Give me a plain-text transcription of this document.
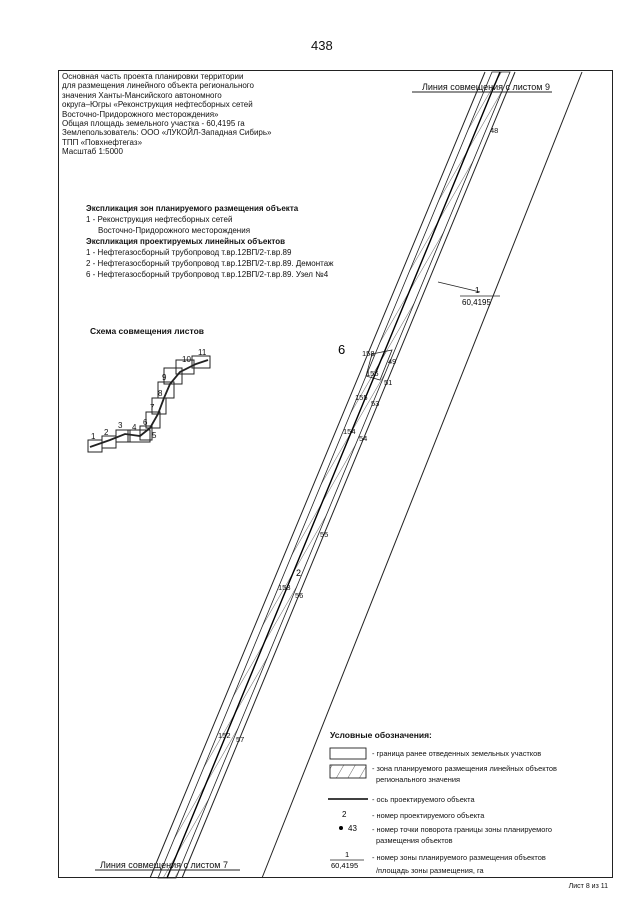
438
Основная часть проекта планировки территории
для размещения линейного объекта регионального
значения Ханты-Мансийского автономного
округа–Югры «Реконструкция нефтесборных сетей
Восточно-Придорожного месторождения»
Общая площадь земельного участка - 60,4195 га
Землепользователь: ООО «ЛУКОЙЛ-Западная Сибирь»
ТПП «Повхнефтегаз»
Масштаб 1:5000
Экспликация зон планируемого размещения объекта
1 - Реконструкция нефтесборных сетей
Восточно-Придорожного месторождения
Экспликация проектируемых линейных объектов
1 - Нефтегазосборный трубопровод т.вр.12ВП/2-т.вр.89
2 - Нефтегазосборный трубопровод т.вр.12ВП/2-т.вр.89. Демонтаж
6 - Нефтегазосборный трубопровод т.вр.12ВП/2-т.вр.89. Узел №4
Схема совмещения листов
1 2
3 4
5
6
7
8
9
10
11
48
158
49
156
51
155
53
154
54
55
153
56
152 57
6
2
1
60,4195
2
43
1
60,4195
Линия совмещения с листом 9
Линия совмещения с листом 7
Условные обозначения:
- граница ранее отведенных земельных участков
- зона планируемого размещения линейных объектов
регионального значения
- ось проектируемого объекта
- номер проектируемого объекта
- номер точки поворота границы зоны планируемого
размещения объектов
- номер зоны планируемого размещения объектов
/площадь зоны размещения, га
Лист 8 из 11
